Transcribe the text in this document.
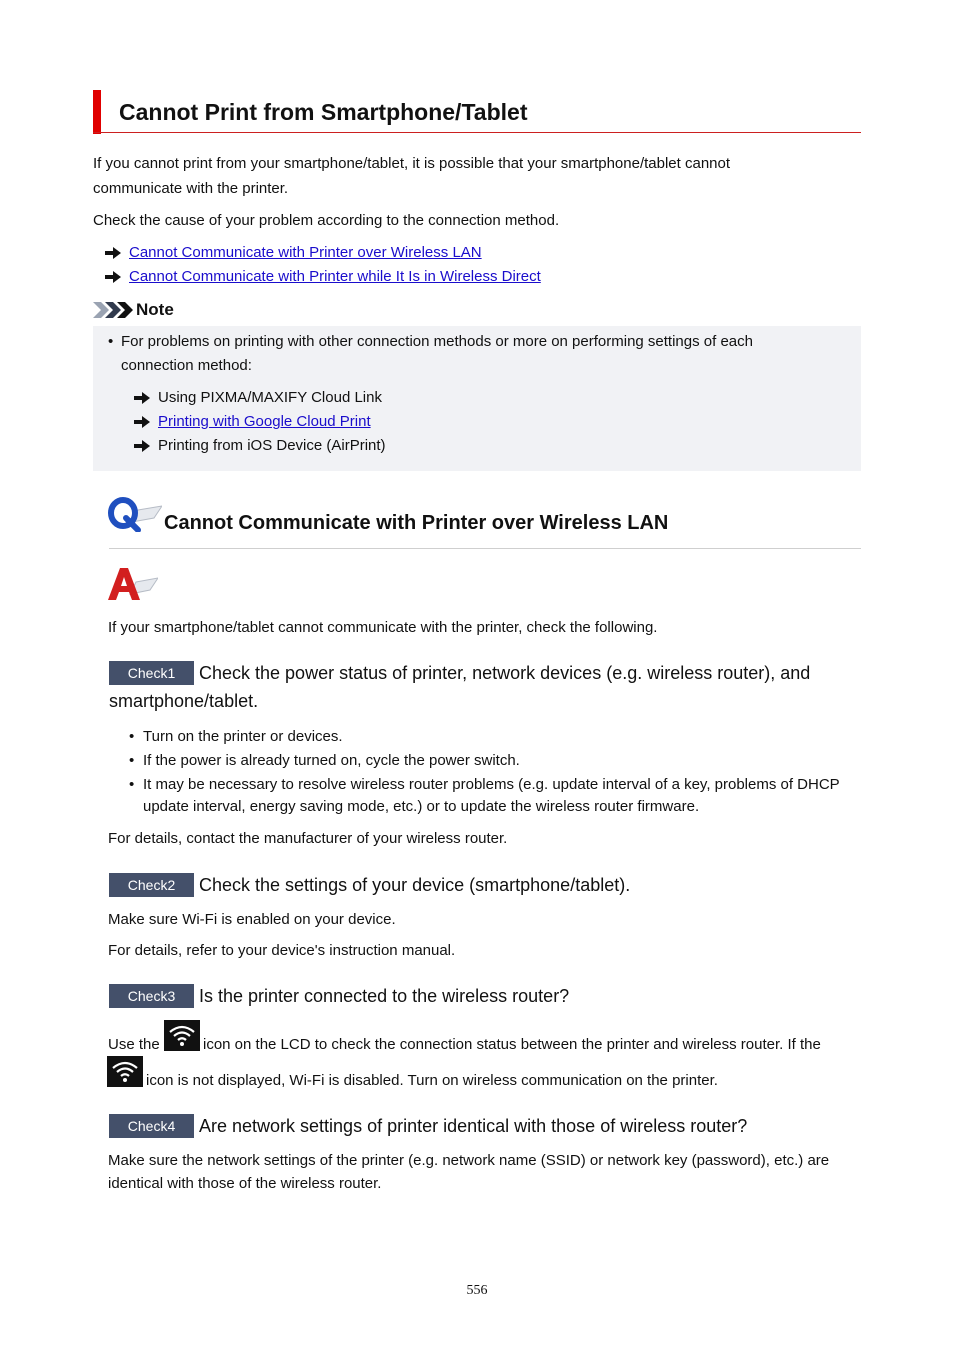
Cannot Print from Smartphone/Tablet
If you cannot print from your smartphone/tablet, it is possible that your smartphone/tablet cannot
communicate with the printer.
Check the cause of your problem according to the connection method.
Cannot Communicate with Printer over Wireless LAN
Cannot Communicate with Printer while It Is in Wireless Direct
Note
• For problems on printing with other connection methods or more on performing settings of each
connection method:
Using PIXMA/MAXIFY Cloud Link
Printing with Google Cloud Print
Printing from iOS Device (AirPrint)
Cannot Communicate with Printer over Wireless LAN
If your smartphone/tablet cannot communicate with the printer, check the following.
Check1	Check the power status of printer, network devices (e.g. wireless router), and
smartphone/tablet.
• Turn on the printer or devices.
• If the power is already turned on, cycle the power switch.
• It may be necessary to resolve wireless router problems (e.g. update interval of a key, problems of DHCP
update interval, energy saving mode, etc.) or to update the wireless router firmware.
For details, contact the manufacturer of your wireless router.
Check2	Check the settings of your device (smartphone/tablet).
Make sure Wi-Fi is enabled on your device.
For details, refer to your device's instruction manual.
Check3	Is the printer connected to the wireless router?
Use the	icon on the LCD to check the connection status between the printer and wireless router. If the
icon is not displayed, Wi-Fi is disabled. Turn on wireless communication on the printer.
Check4	Are network settings of printer identical with those of wireless router?
Make sure the network settings of the printer (e.g. network name (SSID) or network key (password), etc.) are
identical with those of the wireless router.
556
